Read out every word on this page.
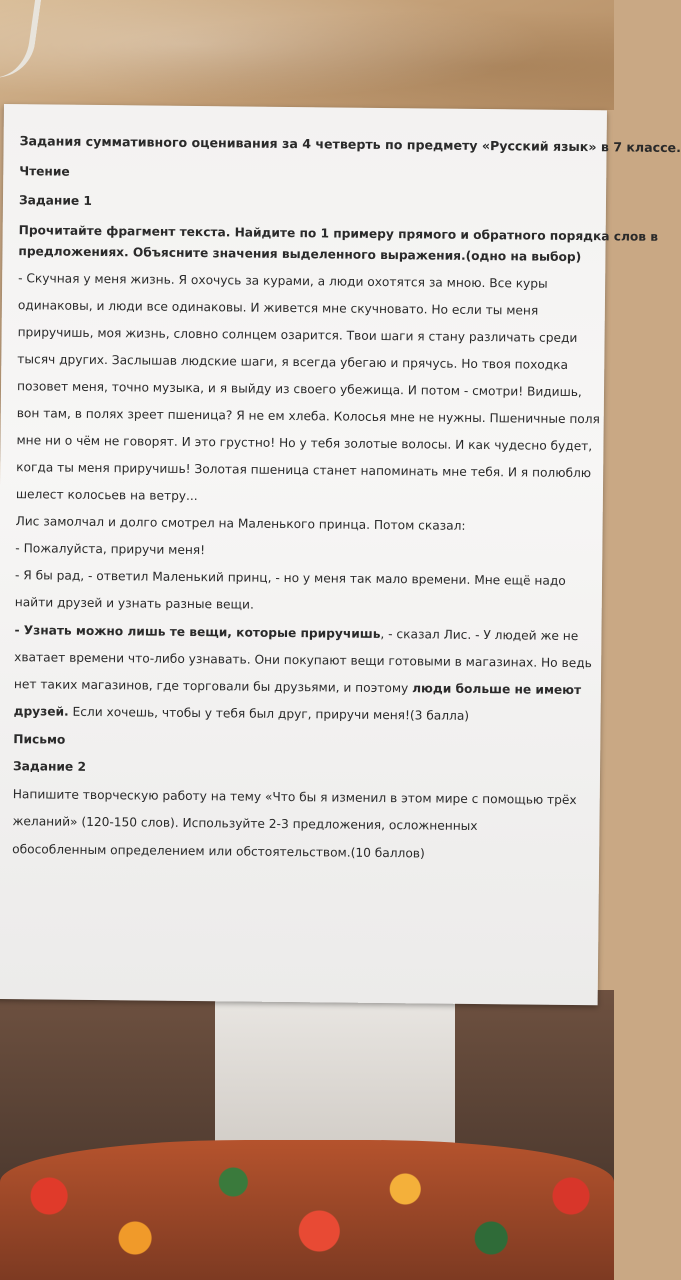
Задания суммативного оценивания за 4 четверть по предмету «Русский язык» в 7 классе.
Чтение
Задание 1
Прочитайте фрагмент текста. Найдите по 1 примеру прямого и обратного порядка слов в
предложениях. Объясните значения выделенного выражения.(одно на выбор)
- Скучная у меня жизнь. Я охочусь за курами, а люди охотятся за мною. Все куры
одинаковы, и люди все одинаковы. И живется мне скучновато. Но если ты меня
приручишь, моя жизнь, словно солнцем озарится. Твои шаги я стану различать среди
тысяч других. Заслышав людские шаги, я всегда убегаю и прячусь. Но твоя походка
позовет меня, точно музыка, и я выйду из своего убежища. И потом - смотри! Видишь,
вон там, в полях зреет пшеница? Я не ем хлеба. Колосья мне не нужны. Пшеничные поля
мне ни о чём не говорят. И это грустно! Но у тебя золотые волосы. И как чудесно будет,
когда ты меня приручишь! Золотая пшеница станет напоминать мне тебя. И я полюблю
шелест колосьев на ветру...
Лис замолчал и долго смотрел на Маленького принца. Потом сказал:
- Пожалуйста, приручи меня!
- Я бы рад, - ответил Маленький принц, - но у меня так мало времени. Мне ещё надо
найти друзей и узнать разные вещи.
- Узнать можно лишь те вещи, которые приручишь, - сказал Лис. - У людей же не
хватает времени что-либо узнавать. Они покупают вещи готовыми в магазинах. Но ведь
нет таких магазинов, где торговали бы друзьями, и поэтому люди больше не имеют
друзей. Если хочешь, чтобы у тебя был друг, приручи меня!(3 балла)
Письмо
Задание 2
Напишите творческую работу на тему «Что бы я изменил в этом мире с помощью трёх
желаний» (120-150 слов). Используйте 2-3 предложения, осложненных
обособленным определением или обстоятельством.(10 баллов)
